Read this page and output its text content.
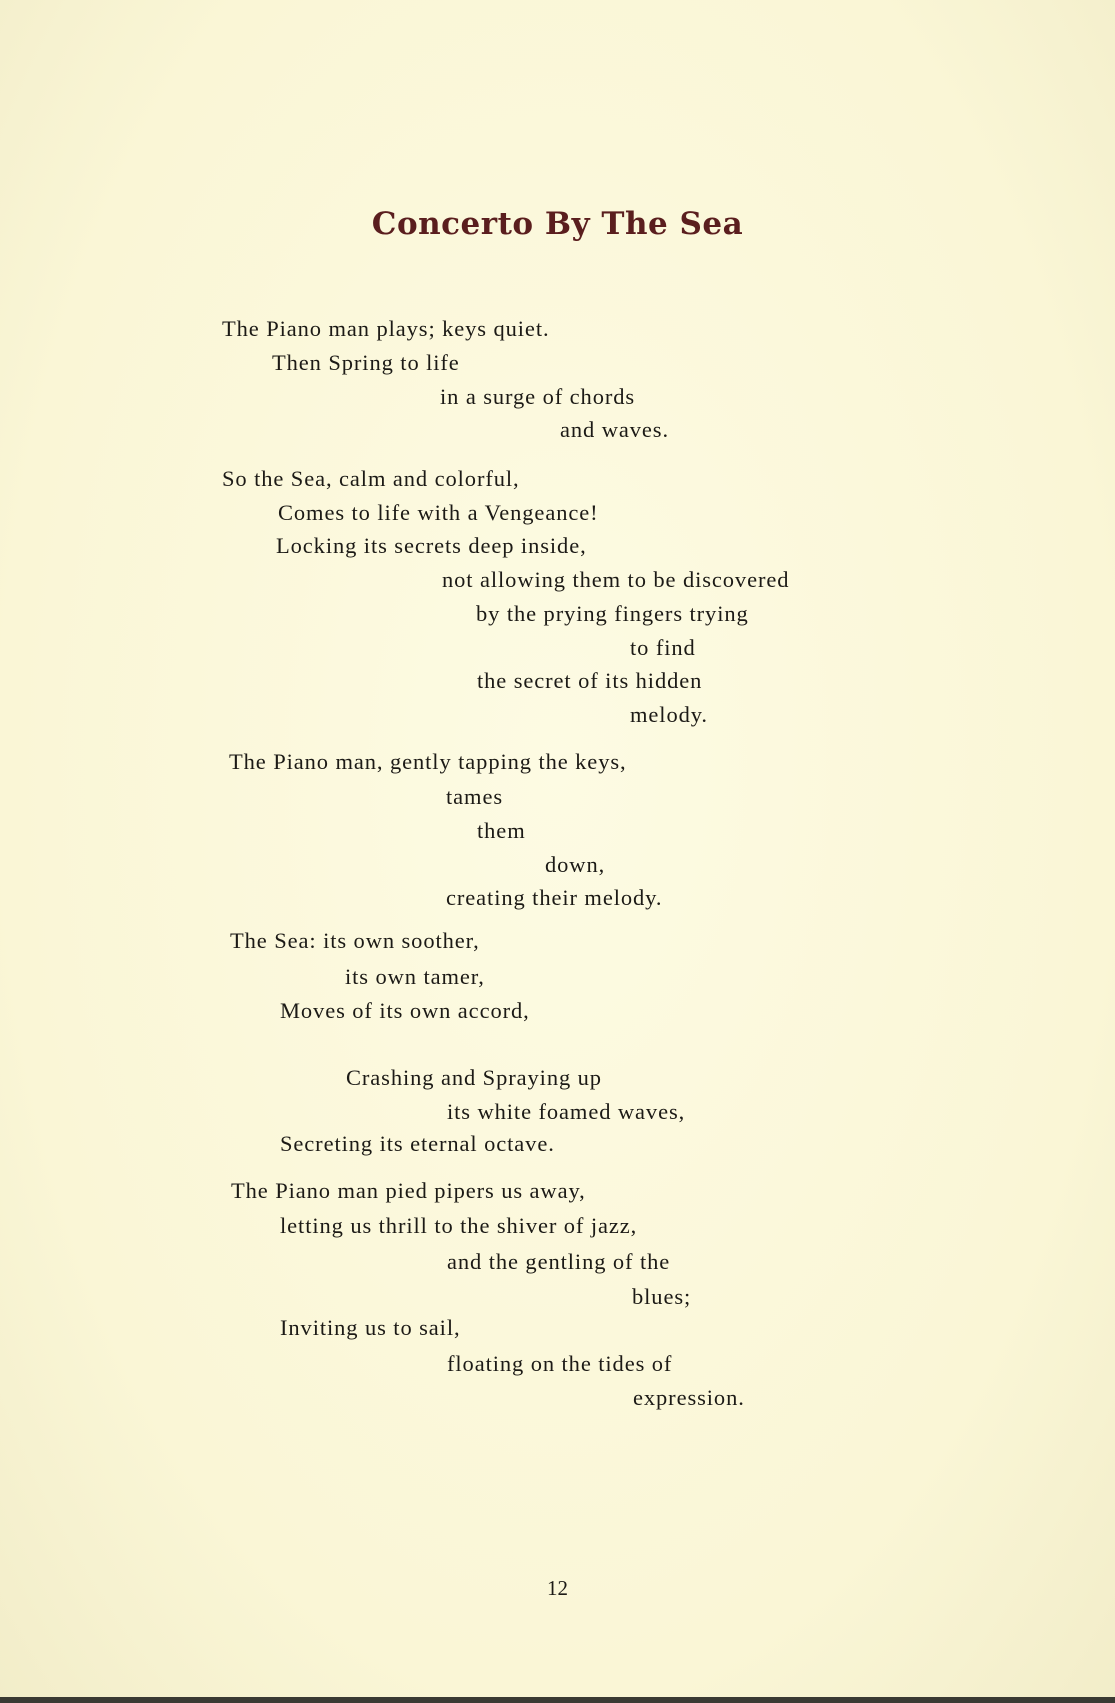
Concerto By The Sea
The Piano man plays; keys quiet.
Then Spring to life
in a surge of chords
and waves.
So the Sea, calm and colorful,
Comes to life with a Vengeance!
Locking its secrets deep inside,
not allowing them to be discovered
by the prying fingers trying
to find
the secret of its hidden
melody.
The Piano man, gently tapping the keys,
tames
them
down,
creating their melody.
The Sea: its own soother,
its own tamer,
Moves of its own accord,
Crashing and Spraying up
its white foamed waves,
Secreting its eternal octave.
The Piano man pied pipers us away,
letting us thrill to the shiver of jazz,
and the gentling of the
blues;
Inviting us to sail,
floating on the tides of
expression.
12
